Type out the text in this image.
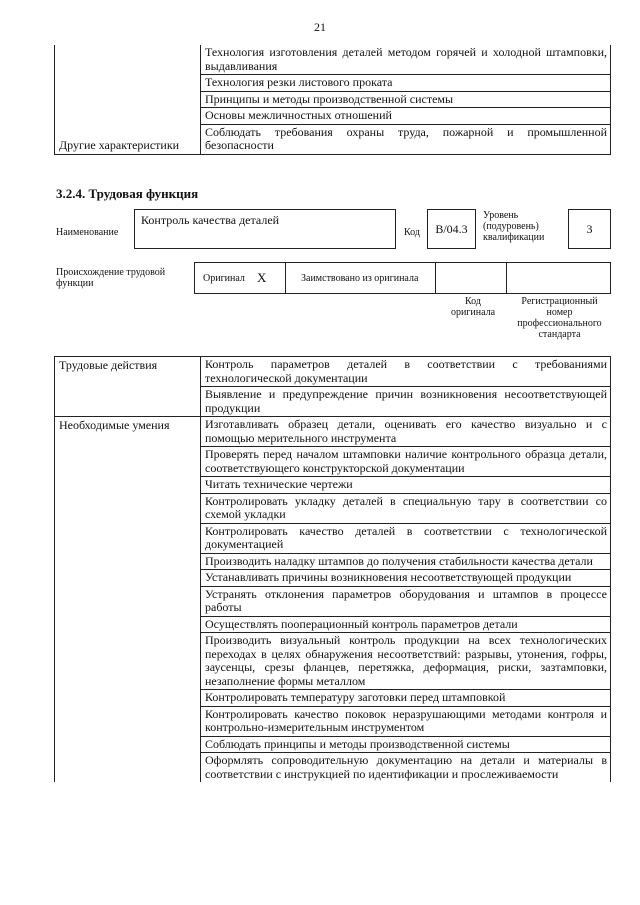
21
Другие характеристики	Технология изготовления деталей методом горячей и холодной штамповки, выдавливания
Технология резки листового проката
Принципы и методы производственной системы
Основы межличностных отношений
Соблюдать требования охраны труда, пожарной и промышленной безопасности
3.2.4. Трудовая функция
Наименование
Контроль качества деталей
Код	B/04.3
Уровень (подуровень) квалификации
3
Происхождение трудовой функции	Оригинал X	Заимствовано из оригинала
Код оригинала
Регистрационный номер профессионального стандарта
Трудовые действия	Контроль параметров деталей в соответствии с требованиями технологической документации
	Выявление и предупреждение причин возникновения несоответствующей продукции
Необходимые умения	Изготавливать образец детали, оценивать его качество визуально и с помощью мерительного инструмента
	Проверять перед началом штамповки наличие контрольного образца детали, соответствующего конструкторской документации
	Читать технические чертежи
	Контролировать укладку деталей в специальную тару в соответствии со схемой укладки
	Контролировать качество деталей в соответствии с технологической документацией
	Производить наладку штампов до получения стабильности качества детали
	Устанавливать причины возникновения несоответствующей продукции
	Устранять отклонения параметров оборудования и штампов в процессе работы
	Осуществлять пооперационный контроль параметров детали
	Производить визуальный контроль продукции на всех технологических переходах в целях обнаружения несоответствий: разрывы, утонения, гофры, заусенцы, срезы фланцев, перетяжка, деформация, риски, зазтамповки, незаполнение формы металлом
	Контролировать температуру заготовки перед штамповкой
	Контролировать качество поковок неразрушающими методами контроля и контрольно-измерительным инструментом
	Соблюдать принципы и методы производственной системы
	Оформлять сопроводительную документацию на детали и материалы в соответствии с инструкцией по идентификации и прослеживаемости
